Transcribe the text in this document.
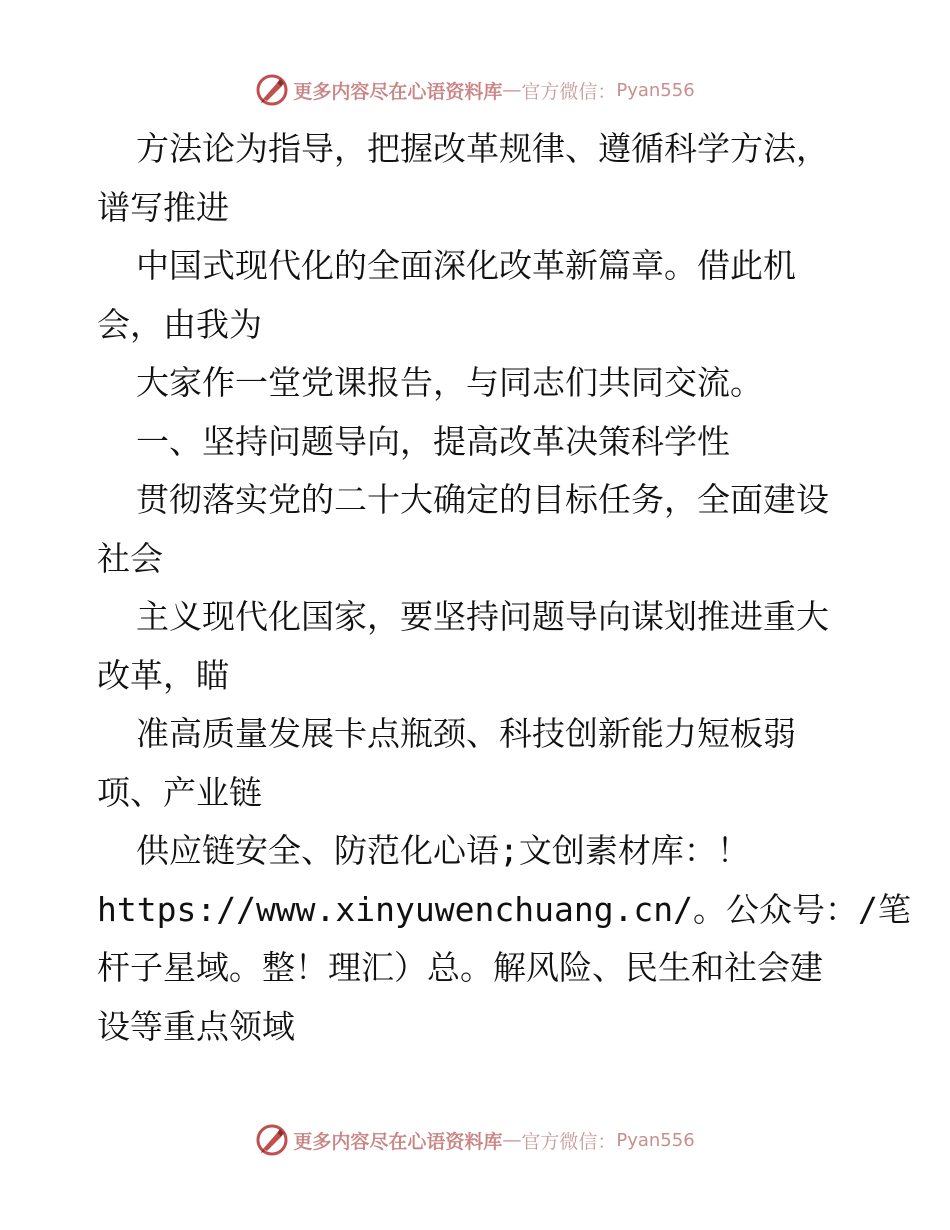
更多内容尽在心语资料库 — 官方微信： Pyan556
方法论为指导，把握改革规律、遵循科学方法，
谱写推进
中国式现代化的全面深化改革新篇章。借此机
会，由我为
大家作一堂党课报告，与同志们共同交流。
一、坚持问题导向，提高改革决策科学性
贯彻落实党的二十大确定的目标任务，全面建设
社会
主义现代化国家，要坚持问题导向谋划推进重大
改革，瞄
准高质量发展卡点瓶颈、科技创新能力短板弱
项、产业链
供应链安全、防范化心语;文创素材库：！
https://www.xinyuwenchuang.cn/。公众号：/笔
杆子星域。整！理汇）总。解风险、民生和社会建
设等重点领域
更多内容尽在心语资料库 — 官方微信： Pyan556
